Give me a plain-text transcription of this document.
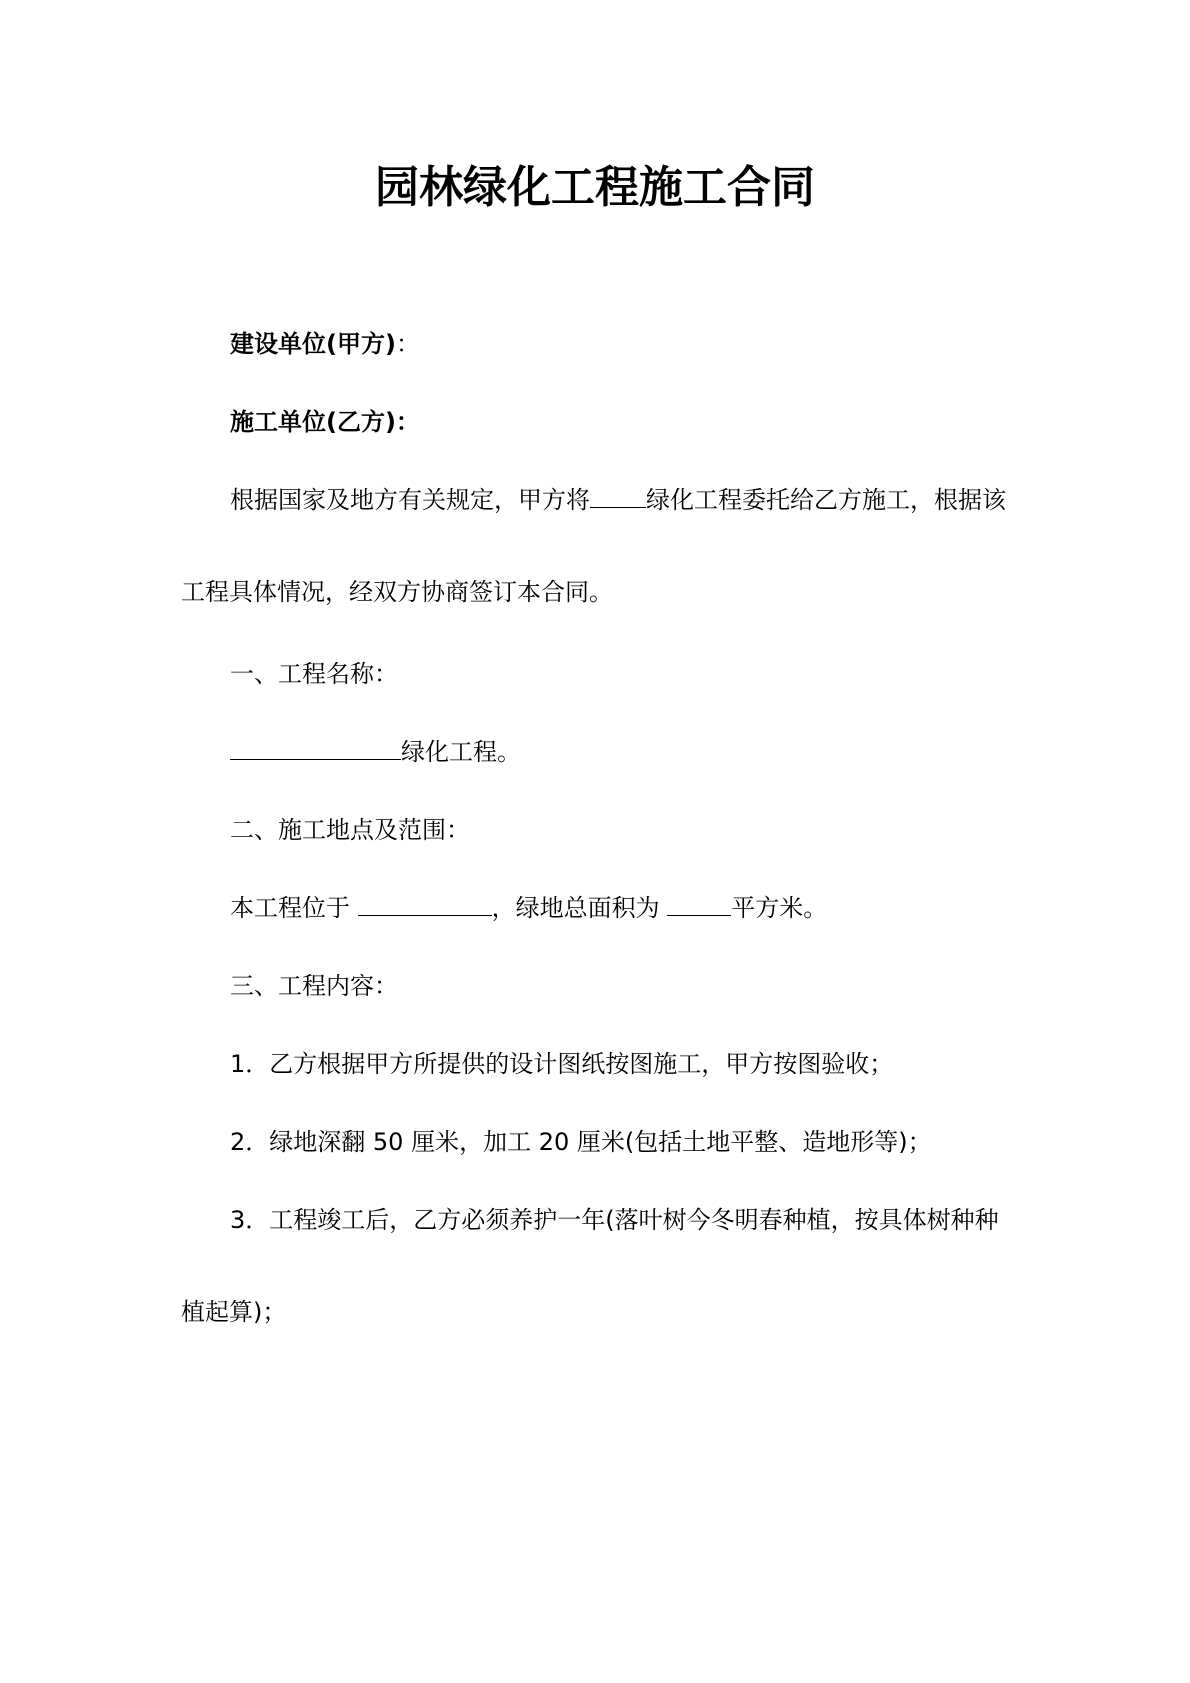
园林绿化工程施工合同
建设单位(甲方)：
施工单位(乙方)：
根据国家及地方有关规定，甲方将 绿化工程委托给乙方施工，根据该
工程具体情况，经双方协商签订本合同。
一、工程名称：
绿化工程。
二、施工地点及范围：
本工程位于	，绿地总面积为	平方米。
三、工程内容：
1．乙方根据甲方所提供的设计图纸按图施工，甲方按图验收；
2．绿地深翻 50 厘米，加工 20 厘米(包括土地平整、造地形等)；
3．工程竣工后，乙方必须养护一年(落叶树今冬明春种植，按具体树种种
植起算)；
